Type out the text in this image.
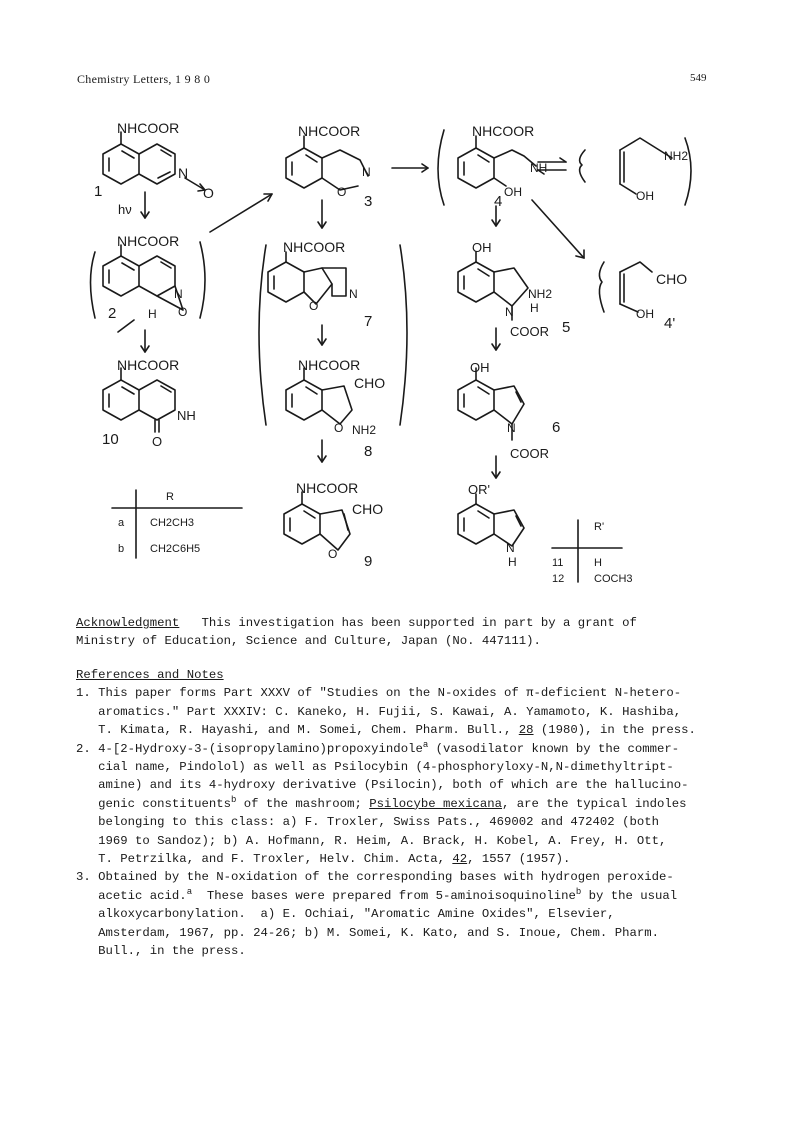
Chemistry Letters, 1 9 8 0	549
NHCOOR
N
O
hν
NHCOOR
N
O
H
NHCOOR
NH
O
NHCOOR
N
O
NHCOOR
O
N
NHCOOR
CHO
NH2
O
NHCOOR
CHO
O
NHCOOR
NH
OH
NH2
OH
OH
NH2
H
N
COOR
CHO
OH
OH
N
COOR
OR'
N
H
1
2
3	4
4'
5
6
7
8
9
10
R
a CH2CH3
b CH2C6H5
R'
11	H
12	COCH3
Acknowledgment   This investigation has been supported in part by a grant of
Ministry of Education, Science and Culture, Japan (No. 447111).
References and Notes
1. This paper forms Part XXXV of "Studies on the N-oxides of π-deficient N-hetero-
aromatics." Part XXXIV: C. Kaneko, H. Fujii, S. Kawai, A. Yamamoto, K. Hashiba,
T. Kimata, R. Hayashi, and M. Somei, Chem. Pharm. Bull., 28 (1980), in the press.
2. 4-[2-Hydroxy-3-(isopropylamino)propoxyindole$^a$ (vasodilator known by the commer-
cial name, Pindolol) as well as Psilocybin (4-phosphoryloxy-N,N-dimethyltript-
amine) and its 4-hydroxy derivative (Psilocin), both of which are the hallucino-
genic constituents$^b$ of the mashroom; Psilocybe mexicana, are the typical indoles
belonging to this class: a) F. Troxler, Swiss Pats., 469002 and 472402 (both
1969 to Sandoz); b) A. Hofmann, R. Heim, A. Brack, H. Kobel, A. Frey, H. Ott,
T. Petrzilka, and F. Troxler, Helv. Chim. Acta, 42, 1557 (1957).
3. Obtained by the N-oxidation of the corresponding bases with hydrogen peroxide-
acetic acid.$^a$  These bases were prepared from 5-aminoisoquinoline$^b$ by the usual
alkoxycarbonylation.  a) E. Ochiai, "Aromatic Amine Oxides", Elsevier,
Amsterdam, 1967, pp. 24-26; b) M. Somei, K. Kato, and S. Inoue, Chem. Pharm.
Bull., in the press.
